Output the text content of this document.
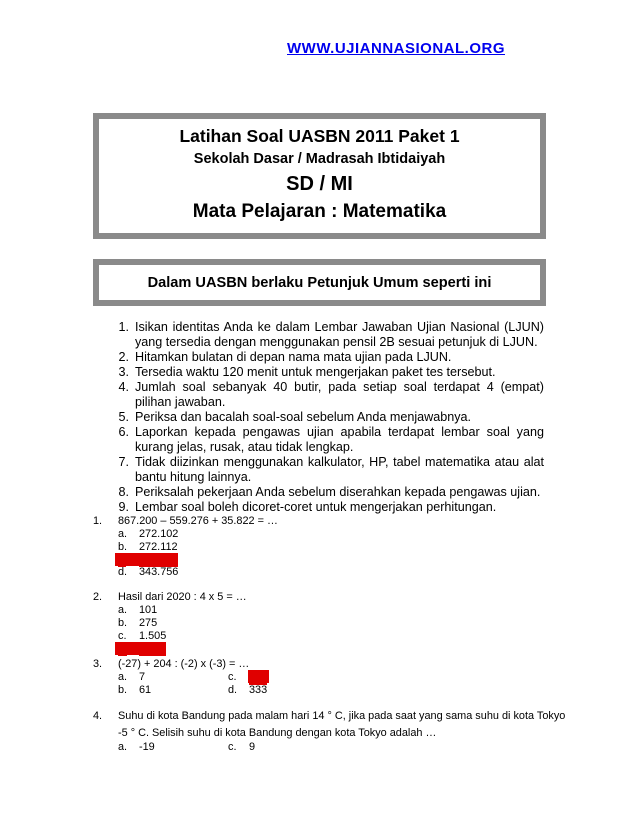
WWW.UJIANNASIONAL.ORG
Latihan Soal UASBN 2011 Paket 1
Sekolah Dasar / Madrasah Ibtidaiyah
SD / MI
Mata Pelajaran : Matematika
Dalam UASBN berlaku Petunjuk Umum seperti ini
1. Isikan identitas Anda ke dalam Lembar Jawaban Ujian Nasional (LJUN) yang tersedia dengan menggunakan pensil 2B sesuai petunjuk di LJUN.
2. Hitamkan bulatan di depan nama mata ujian pada LJUN.
3. Tersedia waktu 120 menit untuk mengerjakan paket tes tersebut.
4. Jumlah soal sebanyak 40 butir, pada setiap soal terdapat 4 (empat) pilihan jawaban.
5. Periksa dan bacalah soal-soal sebelum Anda menjawabnya.
6. Laporkan kepada pengawas ujian apabila terdapat lembar soal yang kurang jelas, rusak, atau tidak lengkap.
7. Tidak diizinkan menggunakan kalkulator, HP, tabel matematika atau alat bantu hitung lainnya.
8. Periksalah pekerjaan Anda sebelum diserahkan kepada pengawas ujian.
9. Lembar soal boleh dicoret-coret untuk mengerjakan perhitungan.
1. 867.200 – 559.276 + 35.822 = …
a. 272.102
b. 272.112
c. 343.746
d. 343.756
2. Hasil dari 2020 : 4 x 5 = …
a. 101
b. 275
c. 1.505
d. 2.525
3. (-27) + 204 : (-2) x (-3) = …
a. 7	c. 279
b. 61	d. 333
4. Suhu di kota Bandung pada malam hari 14 ° C, jika pada saat yang sama suhu di kota Tokyo
-5 ° C. Selisih suhu di kota Bandung dengan kota Tokyo adalah …
a. -19	c. 9
